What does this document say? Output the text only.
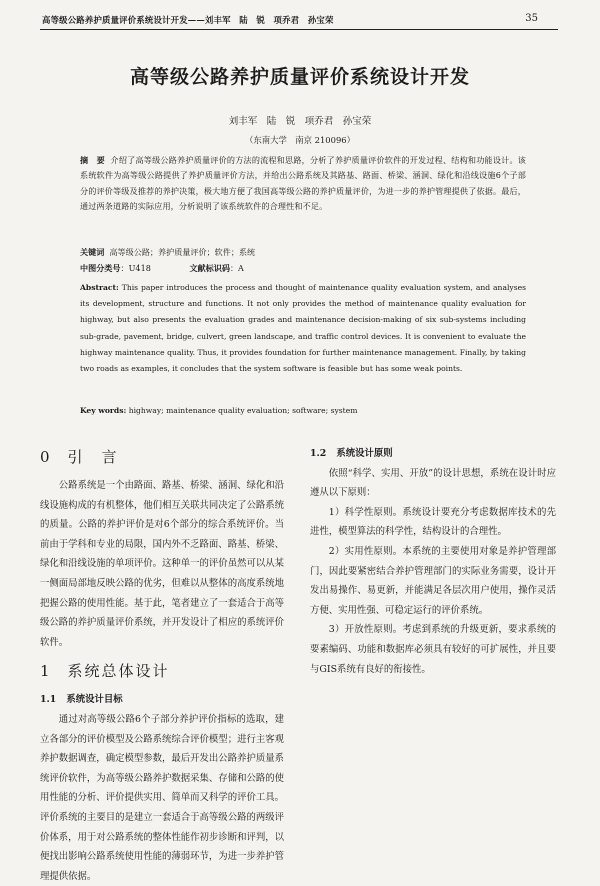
高等级公路养护质量评价系统设计开发——刘丰军　陆　锐　项乔君　孙宝荣	35
高等级公路养护质量评价系统设计开发
刘丰军　陆　锐　项乔君　孙宝荣
（东南大学　南京 210096）
摘　要 介绍了高等级公路养护质量评价的方法的流程和思路，分析了养护质量评价软件的开发过程、结构和功能设计。该系统软件为高等级公路提供了养护质量评价方法，并给出公路系统及其路基、路面、桥梁、涵洞、绿化和沿线设施6个子部分的评价等级及推荐的养护决策，极大地方便了我国高等级公路的养护质量评价，为进一步的养护管理提供了依据。最后，通过两条道路的实际应用，分析说明了该系统软件的合理性和不足。
关键词 高等级公路；养护质量评价；软件；系统
中图分类号：U418	文献标识码：A
Abstract: This paper introduces the process and thought of maintenance quality evaluation system, and analyses its development, structure and functions. It not only provides the method of maintenance quality evaluation for highway, but also presents the evaluation grades and maintenance decision-making of six sub-systems including sub-grade, pavement, bridge, culvert, green landscape, and traffic control devices. It is convenient to evaluate the highway maintenance quality. Thus, it provides foundation for further maintenance management. Finally, by taking two roads as examples, it concludes that the system software is feasible but has some weak points.
Key words: highway; maintenance quality evaluation; software; system
0 引　言

公路系统是一个由路面、路基、桥梁、涵洞、绿化和沿线设施构成的有机整体，他们相互关联共同决定了公路系统的质量。公路的养护评价是对6个部分的综合系统评价。当前由于学科和专业的局限，国内外不乏路面、路基、桥梁、绿化和沿线设施的单项评价。这种单一的评价虽然可以从某一侧面局部地反映公路的优劣，但难以从整体的高度系统地把握公路的使用性能。基于此，笔者建立了一套适合于高等级公路的养护质量评价系统，并开发设计了相应的系统评价软件。

1 系统总体设计
1.1 系统设计目标

通过对高等级公路6个子部分养护评价指标的选取，建立各部分的评价模型及公路系统综合评价模型；进行主客观养护数据调查，确定模型参数，最后开发出公路养护质量系统评价软件，为高等级公路养护数据采集、存储和公路的使用性能的分析、评价提供实用、简单而又科学的评价工具。评价系统的主要目的是建立一套适合于高等级公路的两级评价体系，用于对公路系统的整体性能作初步诊断和评判，以便找出影响公路系统使用性能的薄弱环节，为进一步养护管理提供依据。

1.2 系统设计原则

依照“科学、实用、开放”的设计思想，系统在设计时应遵从以下原则：

1）科学性原则。系统设计要充分考虑数据库技术的先进性，模型算法的科学性，结构设计的合理性。

2）实用性原则。本系统的主要使用对象是养护管理部门，因此要紧密结合养护管理部门的实际业务需要，设计开发出易操作、易更新，并能满足各层次用户使用，操作灵活方便、实用性强、可稳定运行的评价系统。

3）开放性原则。考虑到系统的升级更新，要求系统的要素编码、功能和数据库必须具有较好的可扩展性，并且要与GIS系统有良好的衔接性。
